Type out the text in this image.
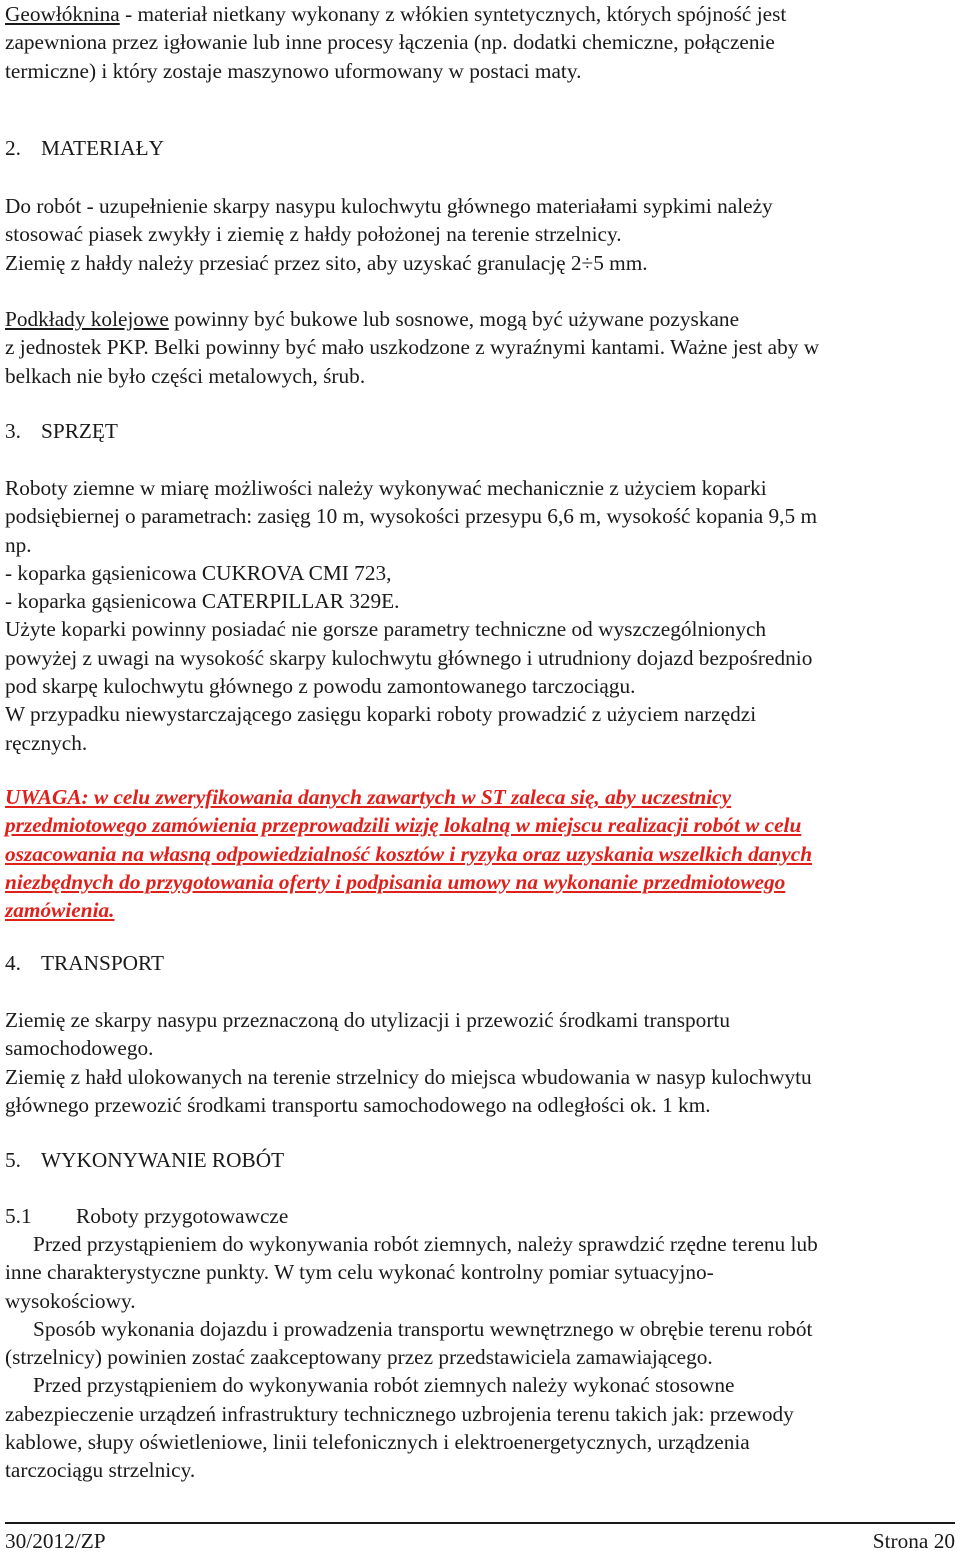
Geowłóknina - materiał nietkany wykonany z włókien syntetycznych, których spójność jest

zapewniona przez igłowanie lub inne procesy łączenia (np. dodatki chemiczne, połączenie

termiczne) i który zostaje maszynowo uformowany w postaci maty.

2. MATERIAŁY

Do robót - uzupełnienie skarpy nasypu kulochwytu głównego materiałami sypkimi należy

stosować piasek zwykły i ziemię z hałdy położonej na terenie strzelnicy.

Ziemię z hałdy należy przesiać przez sito, aby uzyskać granulację 2÷5 mm.

Podkłady kolejowe powinny być bukowe lub sosnowe, mogą być używane pozyskane

z jednostek PKP. Belki powinny być mało uszkodzone z wyraźnymi kantami. Ważne jest aby w

belkach nie było części metalowych, śrub.

3. SPRZĘT

Roboty ziemne w miarę możliwości należy wykonywać mechanicznie z użyciem koparki

podsiębiernej o parametrach: zasięg 10 m, wysokości przesypu 6,6 m, wysokość kopania 9,5 m

np.

- koparka gąsienicowa CUKROVA CMI 723,

- koparka gąsienicowa CATERPILLAR 329E.

Użyte koparki powinny posiadać nie gorsze parametry techniczne od wyszczególnionych

powyżej z uwagi na wysokość skarpy kulochwytu głównego i utrudniony dojazd bezpośrednio

pod skarpę kulochwytu głównego z powodu zamontowanego tarczociągu.

W przypadku niewystarczającego zasięgu koparki roboty prowadzić z użyciem narzędzi

ręcznych.

UWAGA: w celu zweryfikowania danych zawartych w ST zaleca się, aby uczestnicy

przedmiotowego zamówienia przeprowadzili wizję lokalną w miejscu realizacji robót w celu

oszacowania na własną odpowiedzialność kosztów i ryzyka oraz uzyskania wszelkich danych

niezbędnych do przygotowania oferty i podpisania umowy na wykonanie przedmiotowego

zamówienia.

4. TRANSPORT

Ziemię ze skarpy nasypu przeznaczoną do utylizacji i przewozić środkami transportu

samochodowego.

Ziemię z hałd ulokowanych na terenie strzelnicy do miejsca wbudowania w nasyp kulochwytu

głównego przewozić środkami transportu samochodowego na odległości ok. 1 km.

5. WYKONYWANIE ROBÓT
5.1	Roboty przygotowawcze

Przed przystąpieniem do wykonywania robót ziemnych, należy sprawdzić rzędne terenu lub

inne charakterystyczne punkty. W tym celu wykonać kontrolny pomiar sytuacyjno-

wysokościowy.

Sposób wykonania dojazdu i prowadzenia transportu wewnętrznego w obrębie terenu robót

(strzelnicy) powinien zostać zaakceptowany przez przedstawiciela zamawiającego.

Przed przystąpieniem do wykonywania robót ziemnych należy wykonać stosowne

zabezpieczenie urządzeń infrastruktury technicznego uzbrojenia terenu takich jak: przewody

kablowe, słupy oświetleniowe, linii telefonicznych i elektroenergetycznych, urządzenia

tarczociągu strzelnicy.

30/2012/ZP	Strona 20
